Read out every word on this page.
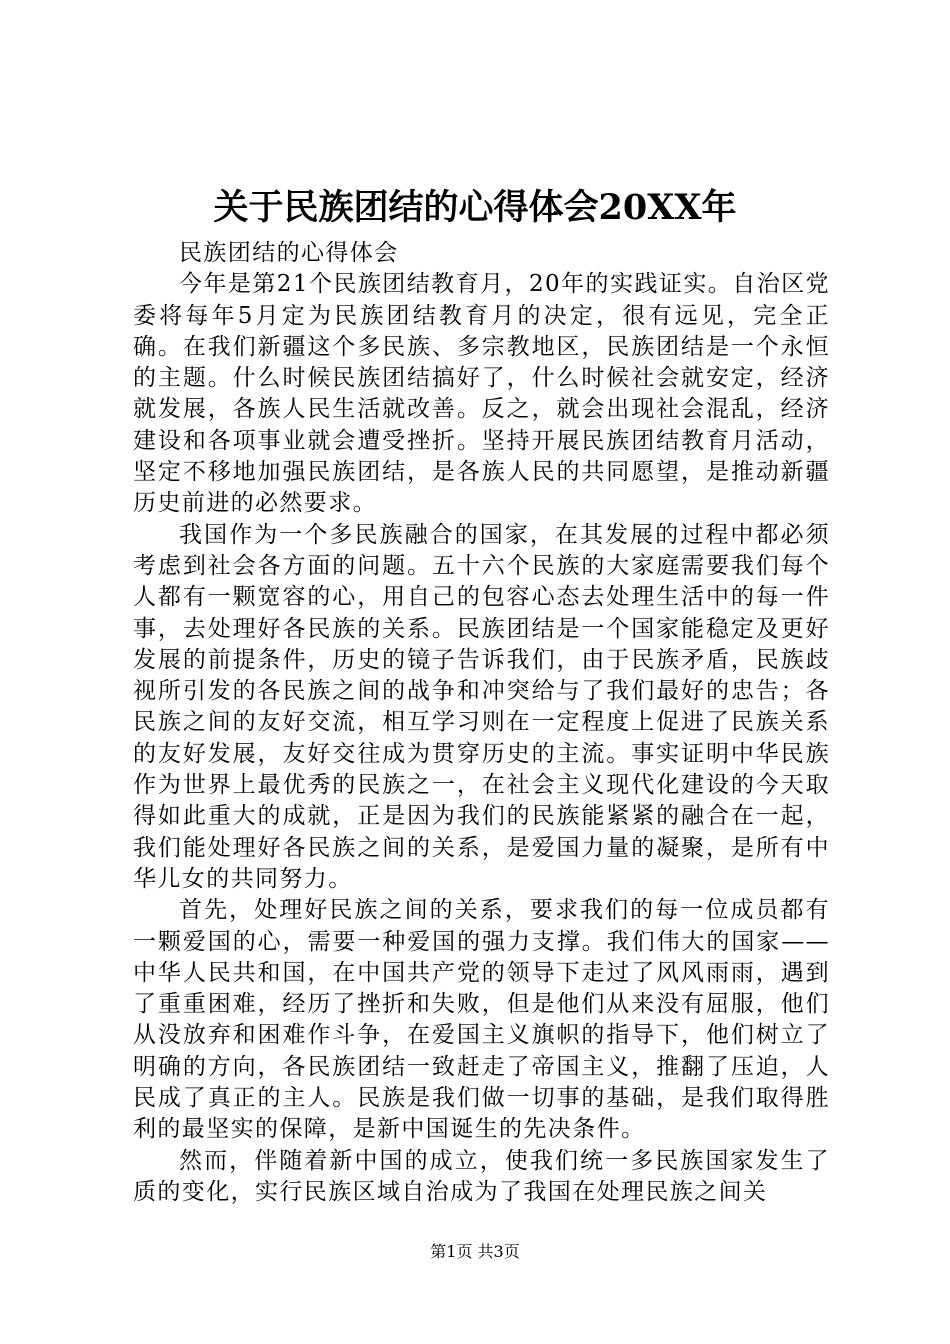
关于民族团结的心得体会20XX年

民族团结的心得体会

今年是第21个民族团结教育月，20年的实践证实。自治区党委将每年5月定为民族团结教育月的决定，很有远见，完全正确。在我们新疆这个多民族、多宗教地区，民族团结是一个永恒的主题。什么时候民族团结搞好了，什么时候社会就安定，经济就发展，各族人民生活就改善。反之，就会出现社会混乱，经济建设和各项事业就会遭受挫折。坚持开展民族团结教育月活动，坚定不移地加强民族团结，是各族人民的共同愿望，是推动新疆历史前进的必然要求。

我国作为一个多民族融合的国家，在其发展的过程中都必须考虑到社会各方面的问题。五十六个民族的大家庭需要我们每个人都有一颗宽容的心，用自己的包容心态去处理生活中的每一件事，去处理好各民族的关系。民族团结是一个国家能稳定及更好发展的前提条件，历史的镜子告诉我们，由于民族矛盾，民族歧视所引发的各民族之间的战争和冲突给与了我们最好的忠告；各民族之间的友好交流，相互学习则在一定程度上促进了民族关系的友好发展，友好交往成为贯穿历史的主流。事实证明中华民族作为世界上最优秀的民族之一，在社会主义现代化建设的今天取得如此重大的成就，正是因为我们的民族能紧紧的融合在一起，我们能处理好各民族之间的关系，是爱国力量的凝聚，是所有中华儿女的共同努力。

首先，处理好民族之间的关系，要求我们的每一位成员都有一颗爱国的心，需要一种爱国的强力支撑。我们伟大的国家——中华人民共和国，在中国共产党的领导下走过了风风雨雨，遇到了重重困难，经历了挫折和失败，但是他们从来没有屈服，他们从没放弃和困难作斗争，在爱国主义旗帜的指导下，他们树立了明确的方向，各民族团结一致赶走了帝国主义，推翻了压迫，人民成了真正的主人。民族是我们做一切事的基础，是我们取得胜利的最坚实的保障，是新中国诞生的先决条件。

然而，伴随着新中国的成立，使我们统一多民族国家发生了质的变化，实行民族区域自治成为了我国在处理民族之间关

第1页 共3页
